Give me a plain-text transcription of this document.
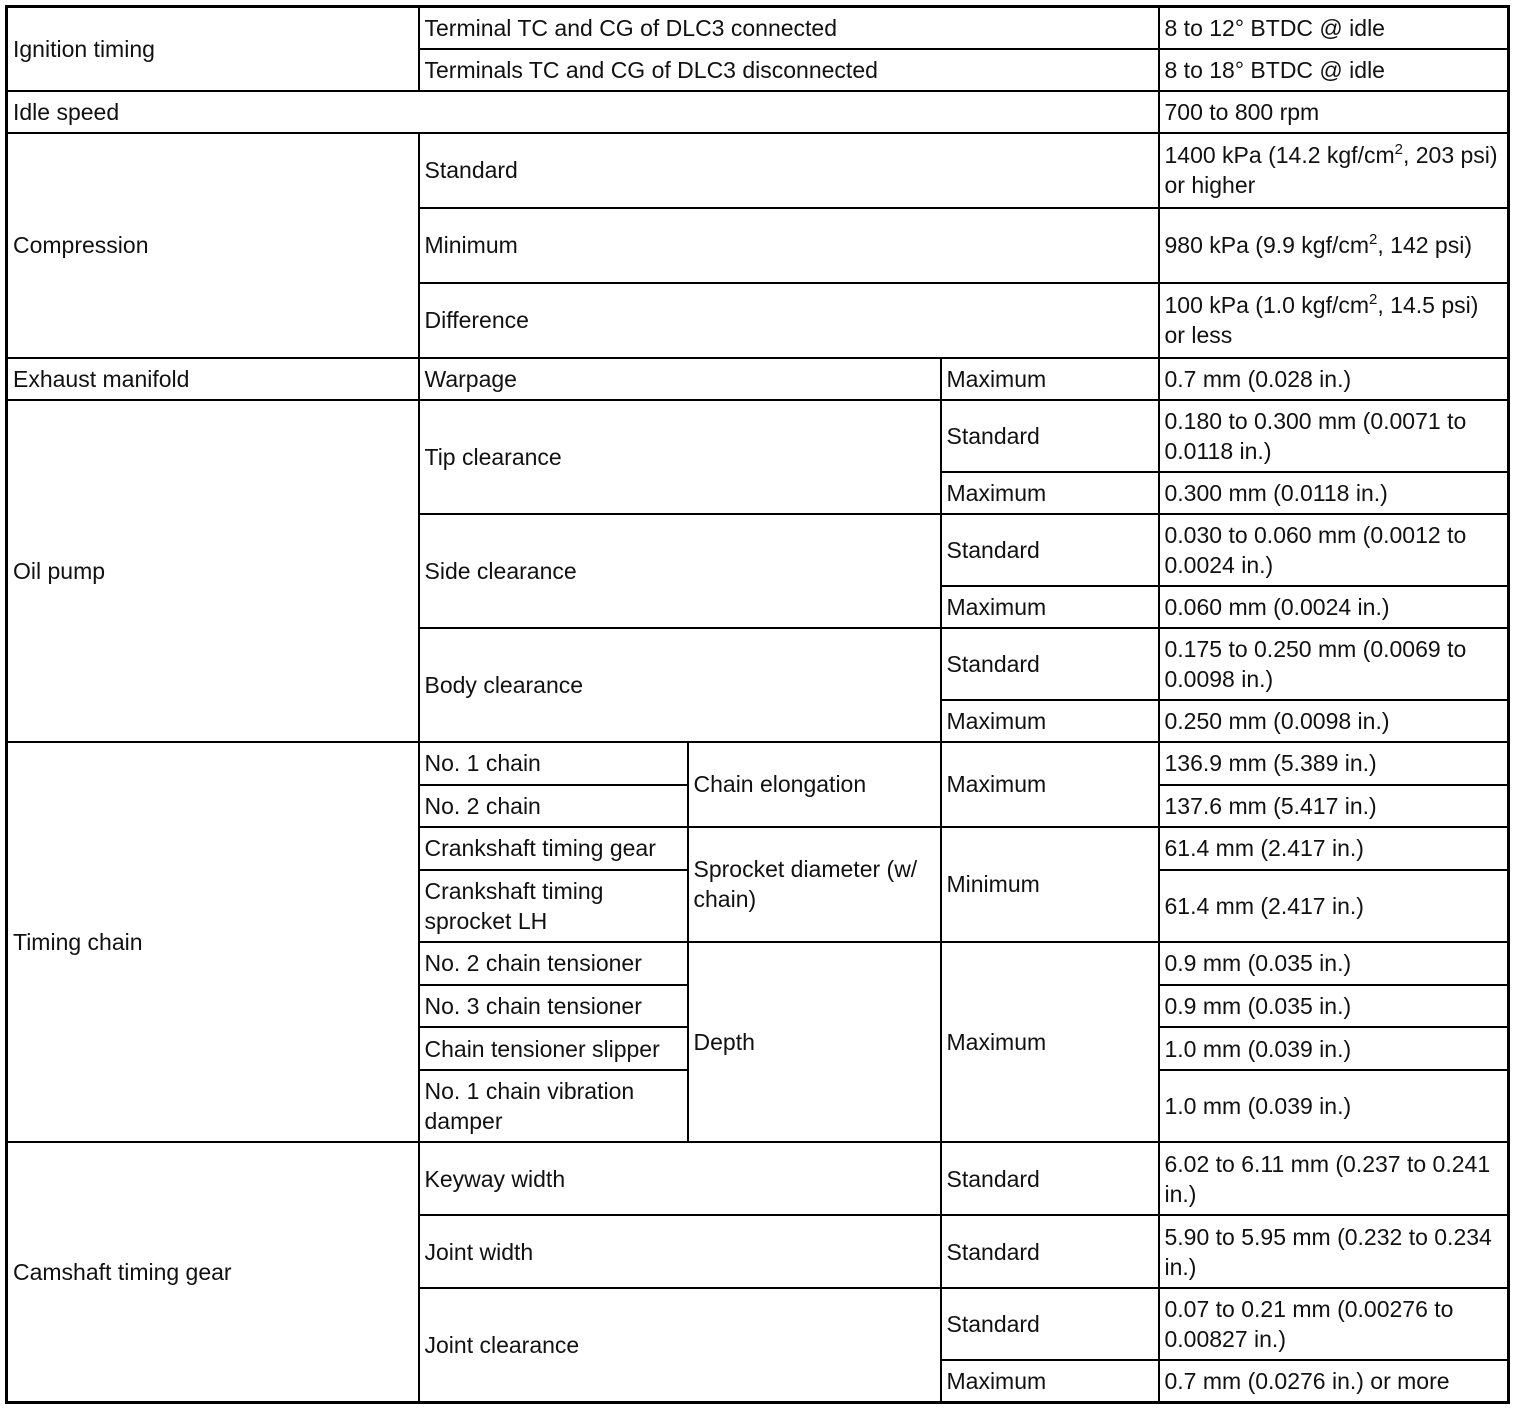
Ignition timing	Terminal TC and CG of DLC3 connected			8 to 12° BTDC @ idle
	Terminals TC and CG of DLC3 disconnected			8 to 18° BTDC @ idle
Idle speed				700 to 800 rpm
Compression	Standard			1400 kPa (14.2 kgf/$cm^2$, 203 psi) or higher
	Minimum			980 kPa (9.9 kgf/$cm^2$, 142 psi)
	Difference			100 kPa (1.0 kgf/$cm^2$, 14.5 psi) or less
Exhaust manifold	Warpage		Maximum	0.7 mm (0.028 in.)
Oil pump	Tip clearance		Standard	0.180 to 0.300 mm (0.0071 to 0.0118 in.)
			Maximum	0.300 mm (0.0118 in.)
	Side clearance		Standard	0.030 to 0.060 mm (0.0012 to 0.0024 in.)
			Maximum	0.060 mm (0.0024 in.)
	Body clearance		Standard	0.175 to 0.250 mm (0.0069 to 0.0098 in.)
			Maximum	0.250 mm (0.0098 in.)
Timing chain	No. 1 chain	Chain elongation	Maximum	136.9 mm (5.389 in.)
	No. 2 chain			137.6 mm (5.417 in.)
	Crankshaft timing gear	Sprocket diameter (w/ chain)	Minimum	61.4 mm (2.417 in.)
	Crankshaft timing sprocket LH			61.4 mm (2.417 in.)
	No. 2 chain tensioner	Depth	Maximum	0.9 mm (0.035 in.)
	No. 3 chain tensioner			0.9 mm (0.035 in.)
	Chain tensioner slipper			1.0 mm (0.039 in.)
	No. 1 chain vibration damper			1.0 mm (0.039 in.)
Camshaft timing gear	Keyway width		Standard	6.02 to 6.11 mm (0.237 to 0.241 in.)
	Joint width		Standard	5.90 to 5.95 mm (0.232 to 0.234 in.)
	Joint clearance		Standard	0.07 to 0.21 mm (0.00276 to 0.00827 in.)
			Maximum	0.7 mm (0.0276 in.) or more
